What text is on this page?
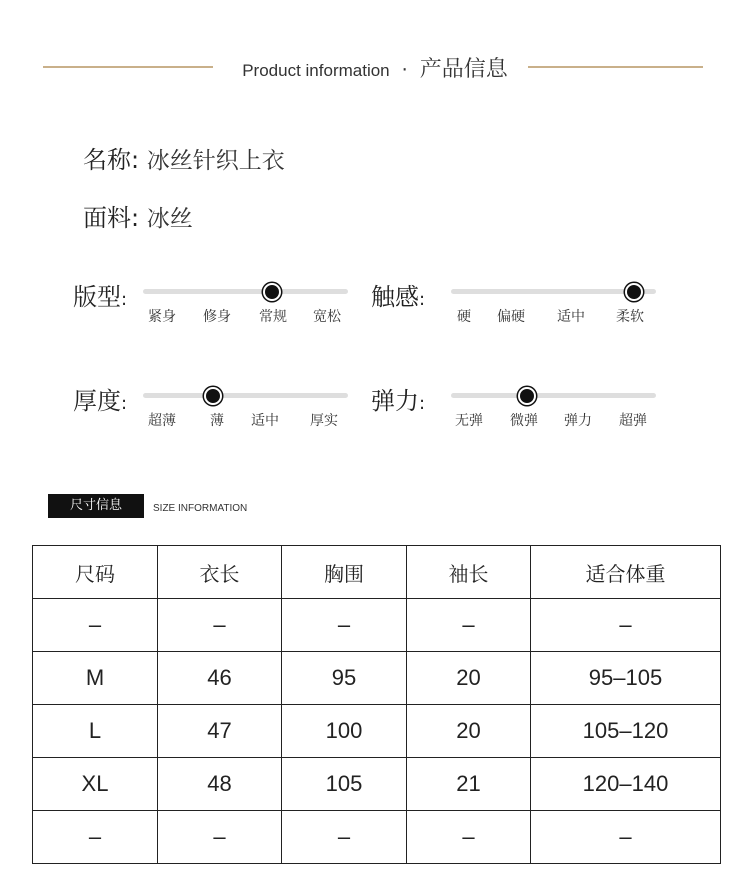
Product information · 产品信息
名称: 冰丝针织上衣
面料: 冰丝
版型:
紧身 修身 常规 宽松
触感:
硬 偏硬 适中 柔软
厚度:
超薄 薄 适中 厚实
弹力:
无弹 微弹 弹力 超弹
尺寸信息	SIZE INFORMATION
尺码	衣长	胸围	袖长	适合体重
–	–	–	–	–
M	46	95	20	95–105
L	47	100	20	105–120
XL	48	105	21	120–140
–	–	–	–	–
